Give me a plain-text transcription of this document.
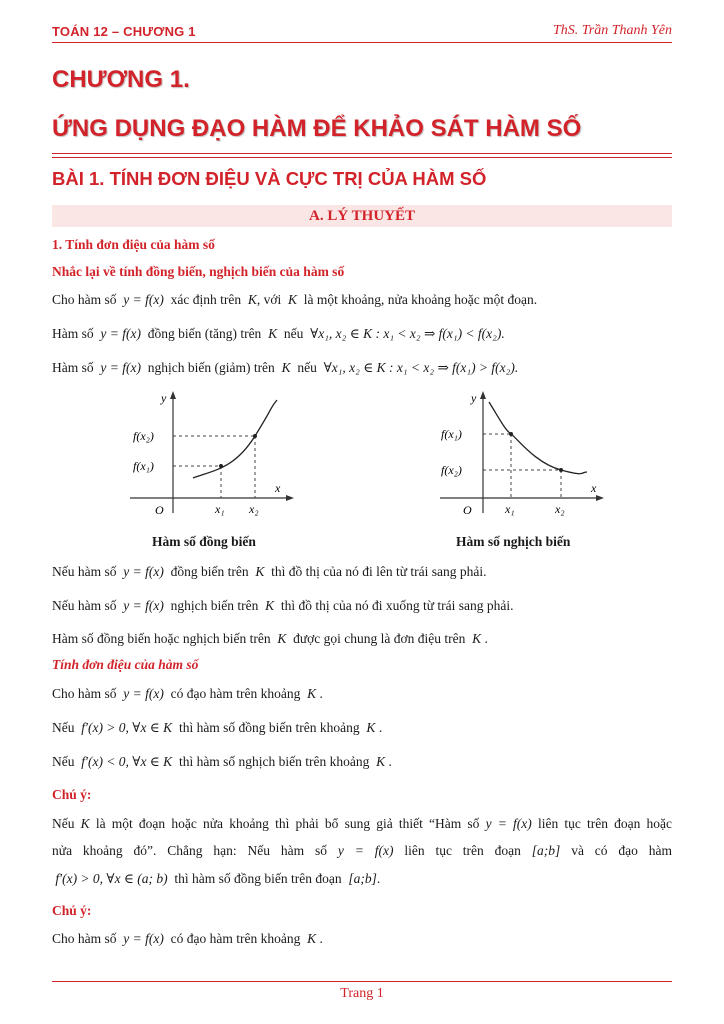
TOÁN 12 – CHƯƠNG 1	ThS. Trần Thanh Yên
CHƯƠNG 1.
ỨNG DỤNG ĐẠO HÀM ĐỂ KHẢO SÁT HÀM SỐ
BÀI 1. TÍNH ĐƠN ĐIỆU VÀ CỰC TRỊ CỦA HÀM SỐ
A. LÝ THUYẾT
1. Tính đơn điệu của hàm số
Nhắc lại về tính đồng biến, nghịch biến của hàm số
Cho hàm số y = f(x) xác định trên K, với K là một khoảng, nửa khoảng hoặc một đoạn.
Hàm số y = f(x) đồng biến (tăng) trên K nếu ∀x₁, x₂ ∈ K : x₁ < x₂ ⇒ f(x₁) < f(x₂).
Hàm số y = f(x) nghịch biến (giảm) trên K nếu ∀x₁, x₂ ∈ K : x₁ < x₂ ⇒ f(x₁) > f(x₂).
y
x
O
f(x₂)
f(x₁)
x₁ x₂
Hàm số đồng biến
y
x
O
f(x₁)
f(x₂)
x₁	x₂
Hàm số nghịch biến
Nếu hàm số y = f(x) đồng biến trên K thì đồ thị của nó đi lên từ trái sang phải.
Nếu hàm số y = f(x) nghịch biến trên K thì đồ thị của nó đi xuống từ trái sang phải.
Hàm số đồng biến hoặc nghịch biến trên K được gọi chung là đơn điệu trên K .
Tính đơn điệu của hàm số
Cho hàm số y = f(x) có đạo hàm trên khoảng K .
Nếu f′(x) > 0, ∀x ∈ K thì hàm số đồng biến trên khoảng K .
Nếu f′(x) < 0, ∀x ∈ K thì hàm số nghịch biến trên khoảng K .
Chú ý:
Nếu K là một đoạn hoặc nửa khoảng thì phải bổ sung giả thiết “Hàm số y = f(x) liên tục trên đoạn hoặc
nửa khoảng đó”. Chẳng hạn: Nếu hàm số y = f(x) liên tục trên đoạn [a;b] và có đạo hàm
f′(x) > 0, ∀x ∈ (a; b) thì hàm số đồng biến trên đoạn [a;b].
Chú ý:
Cho hàm số y = f(x) có đạo hàm trên khoảng K .
Trang 1
